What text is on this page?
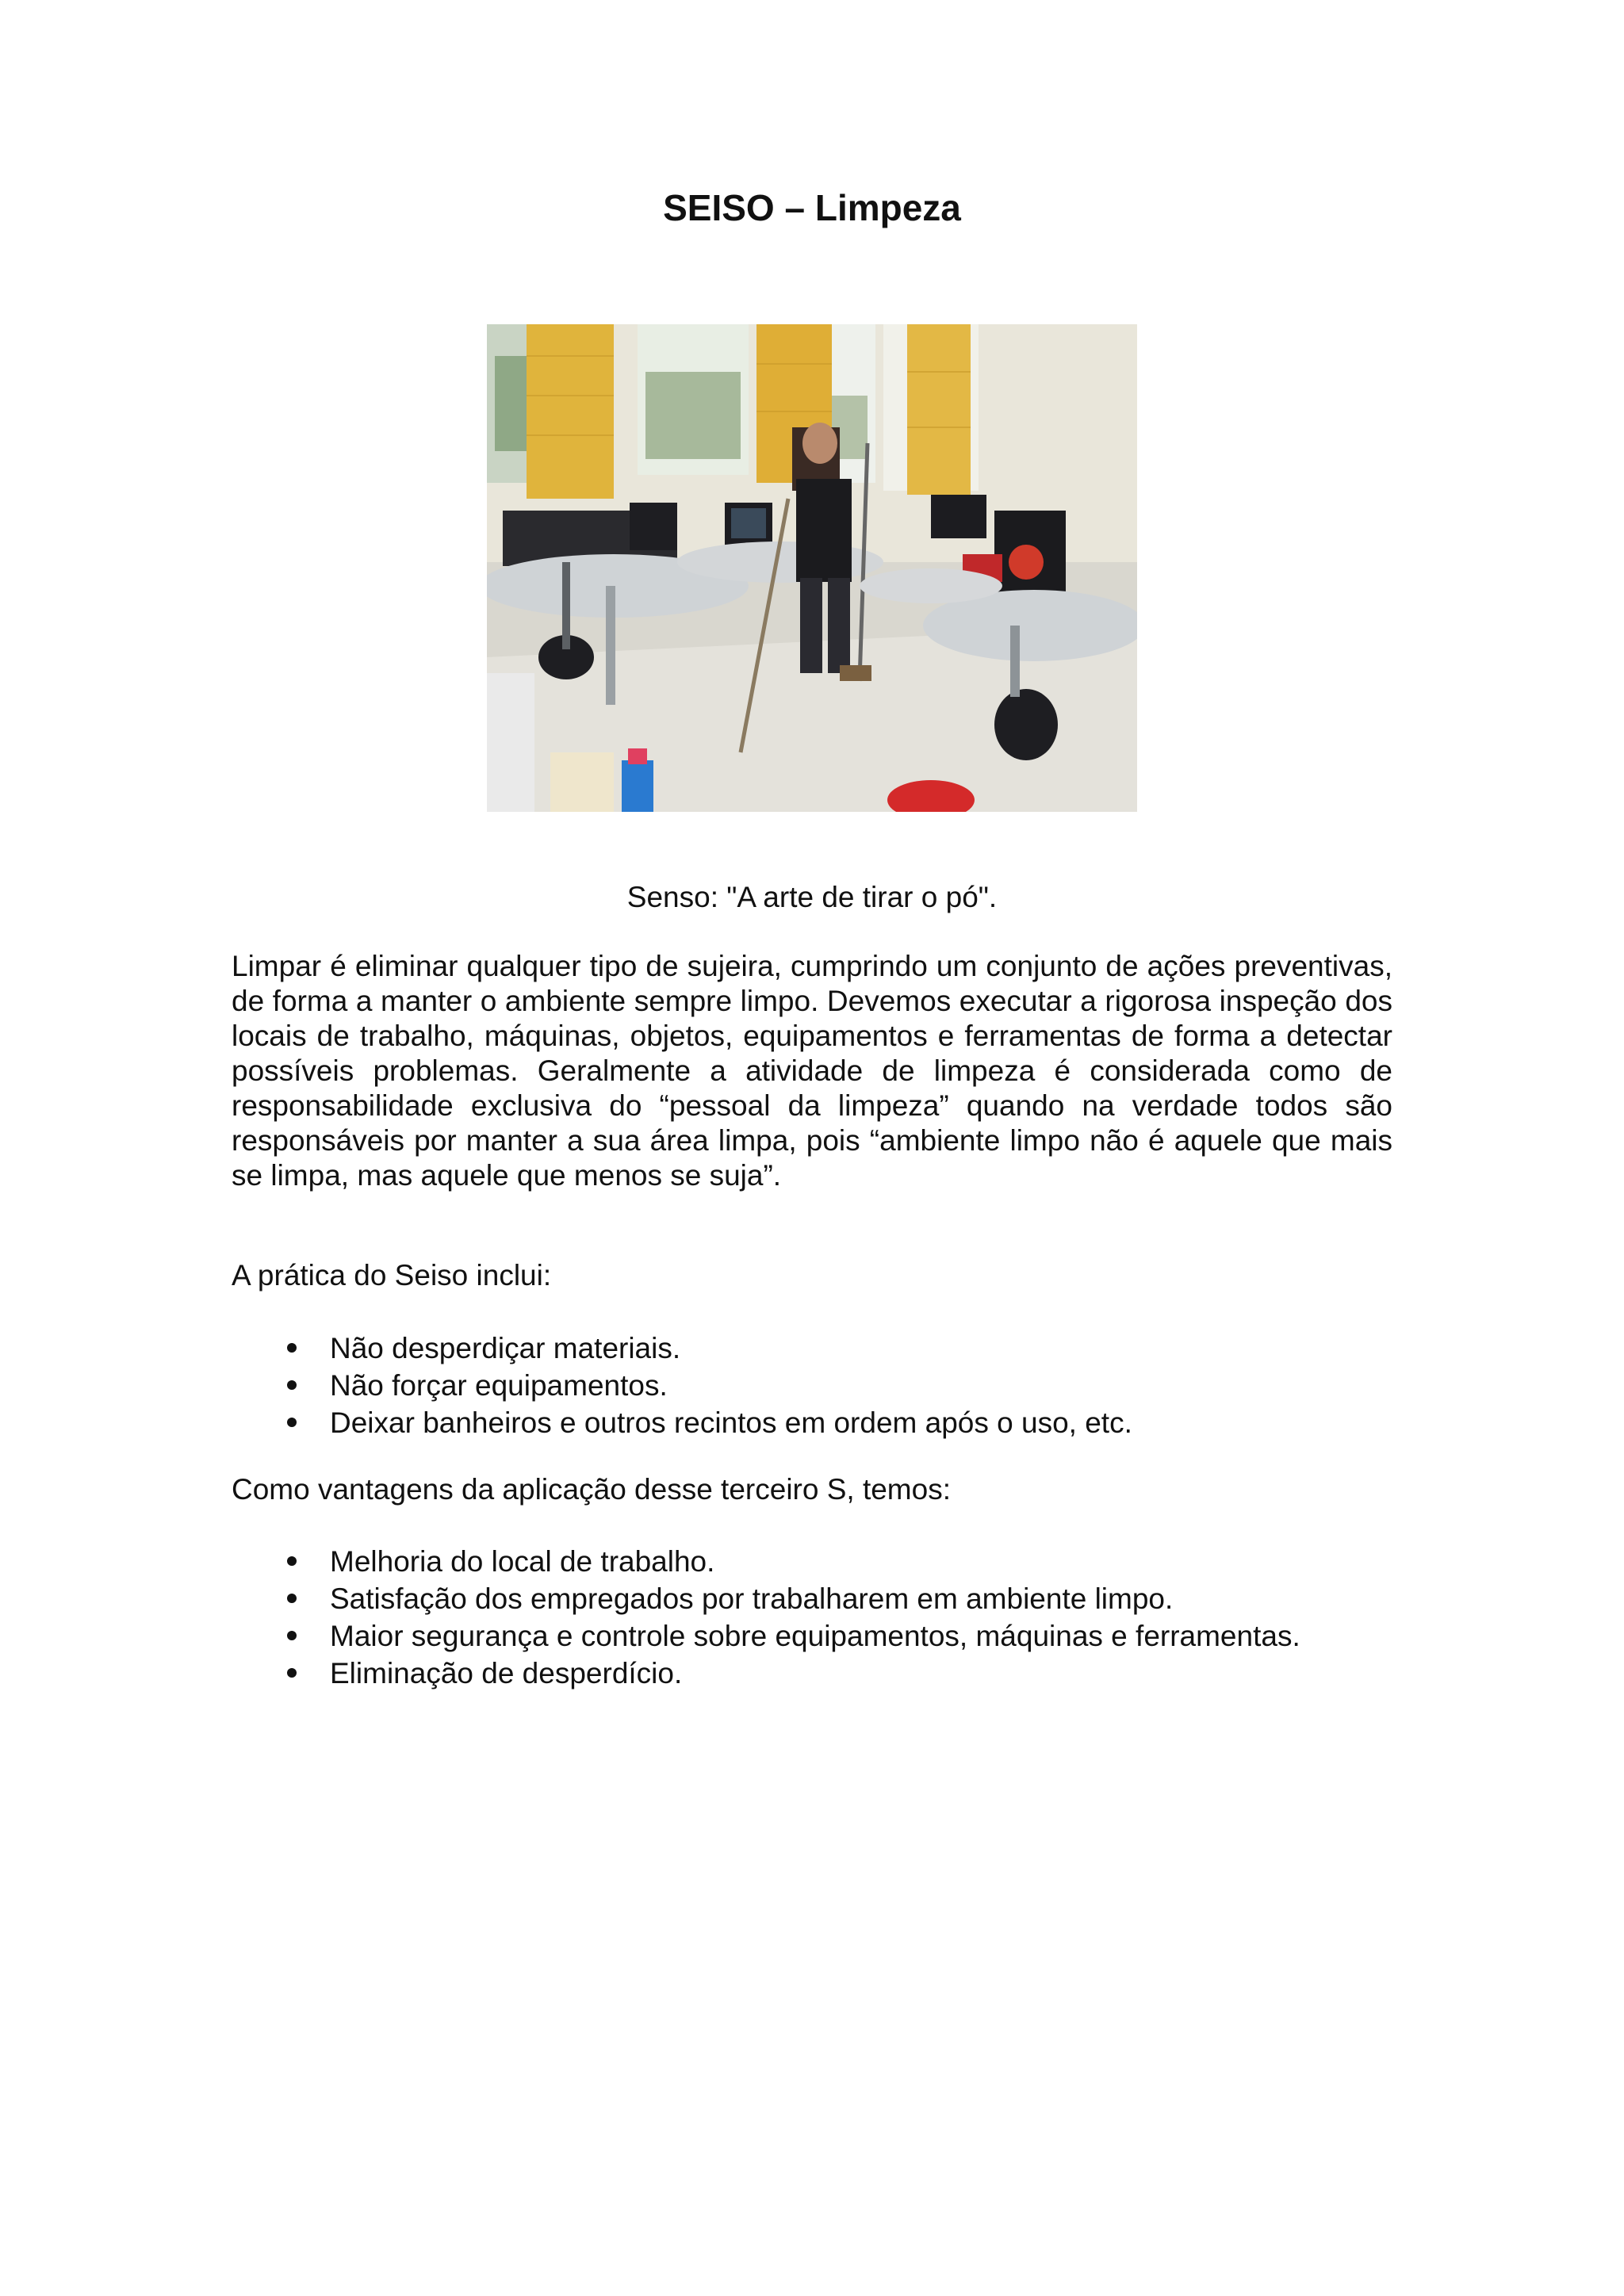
SEISO – Limpeza

Senso: "A arte de tirar o pó".

Limpar é eliminar qualquer tipo de sujeira, cumprindo um conjunto de ações preventivas, de forma a manter o ambiente sempre limpo. Devemos executar a rigorosa inspeção dos locais de trabalho, máquinas, objetos, equipamentos e ferramentas de forma a detectar possíveis problemas. Geralmente a atividade de limpeza é considerada como de responsabilidade exclusiva do “pessoal da limpeza” quando na verdade todos são responsáveis por manter a sua área limpa, pois “ambiente limpo não é aquele que mais se limpa, mas aquele que menos se suja”.

A prática do Seiso inclui:

Não desperdiçar materiais.
Não forçar equipamentos.
Deixar banheiros e outros recintos em ordem após o uso, etc.

Como vantagens da aplicação desse terceiro S, temos:

Melhoria do local de trabalho.
Satisfação dos empregados por trabalharem em ambiente limpo.
Maior segurança e controle sobre equipamentos, máquinas e ferramentas.
Eliminação de desperdício.
